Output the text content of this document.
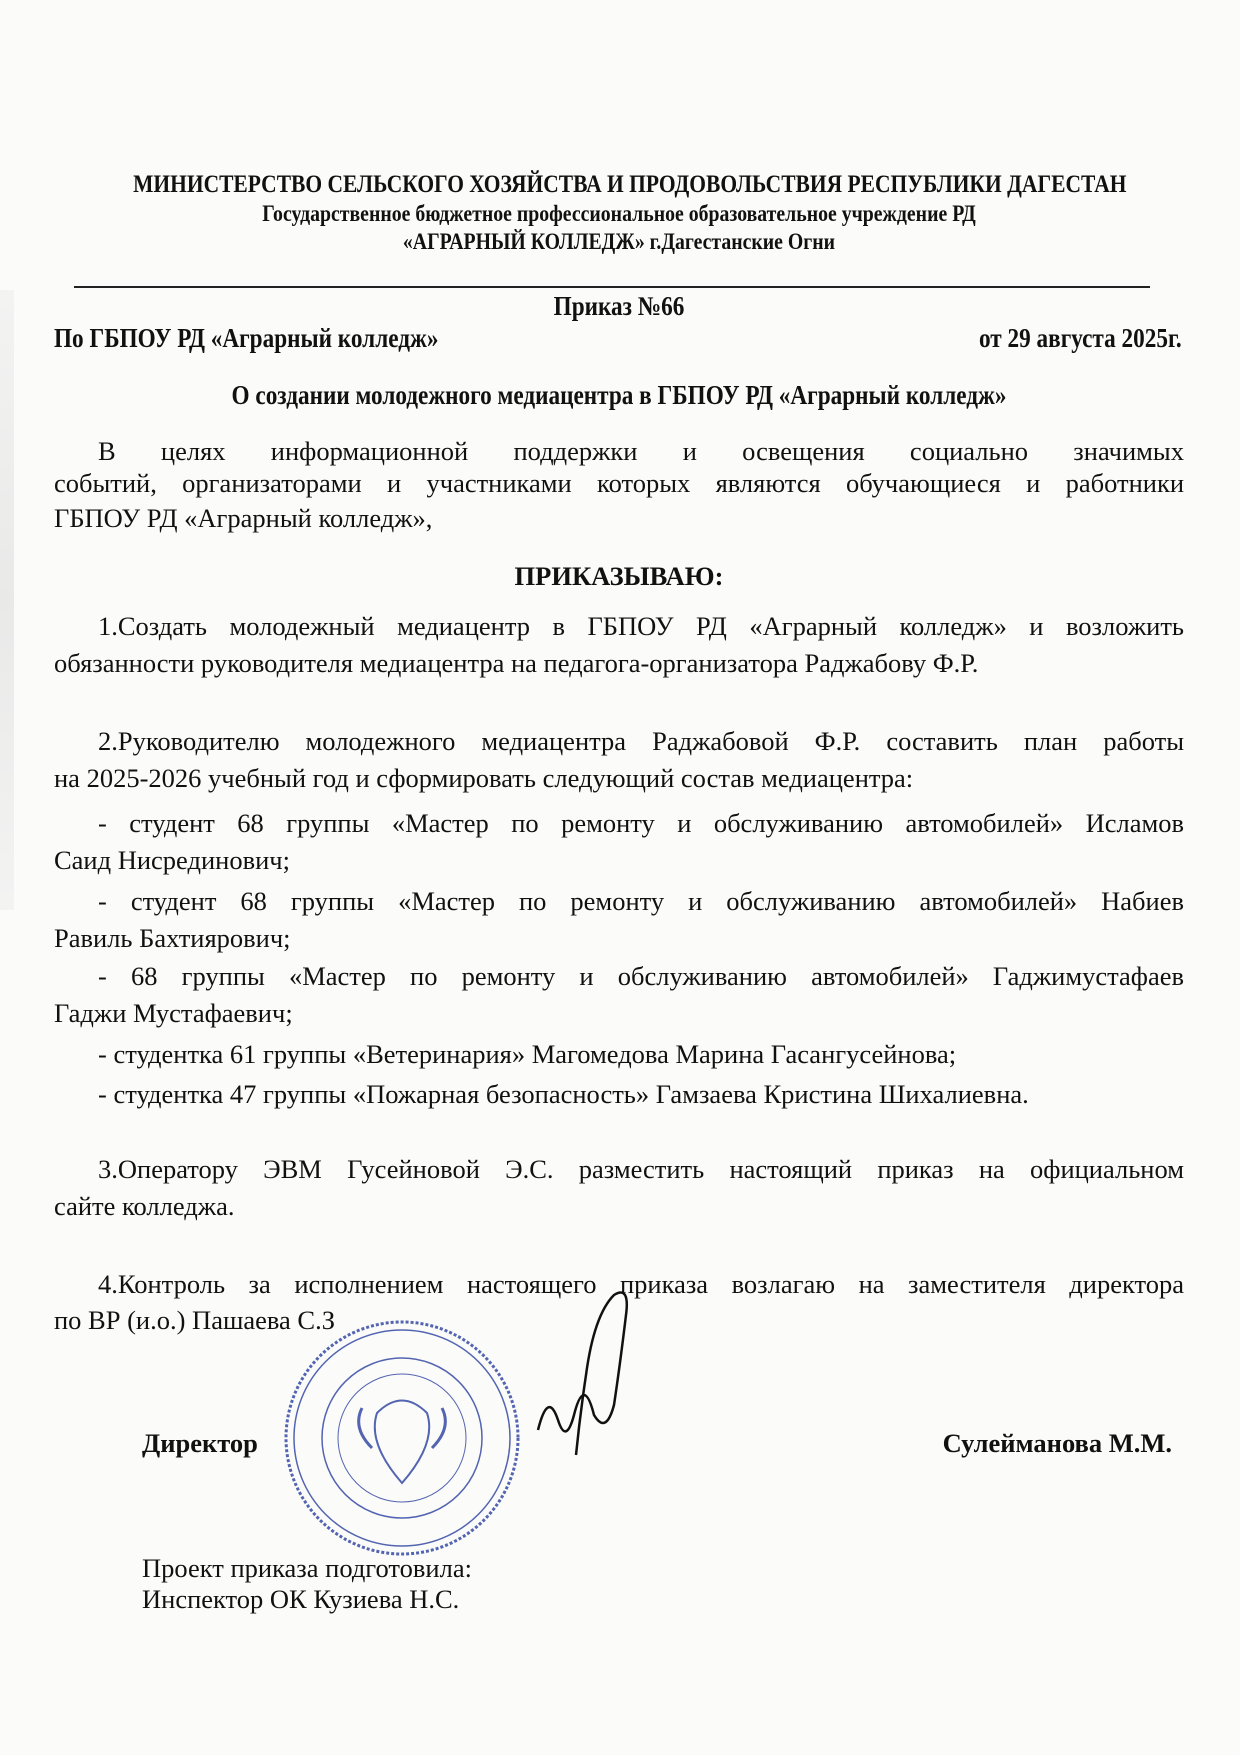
МИНИСТЕРСТВО СЕЛЬСКОГО ХОЗЯЙСТВА И ПРОДОВОЛЬСТВИЯ РЕСПУБЛИКИ ДАГЕСТАН
Государственное бюджетное профессиональное образовательное учреждение РД
«АГРАРНЫЙ КОЛЛЕДЖ» г.Дагестанские Огни
Приказ №66
По ГБПОУ РД «Аграрный колледж»	от 29 августа 2025г.
О создании молодежного медиацентра в ГБПОУ РД «Аграрный колледж»
В целях информационной поддержки и освещения социально значимых
событий, организаторами и участниками которых являются обучающиеся и работники
ГБПОУ РД «Аграрный колледж»,
ПРИКАЗЫВАЮ:
1.Создать молодежный медиацентр в ГБПОУ РД «Аграрный колледж» и возложить
обязанности руководителя медиацентра на педагога-организатора Раджабову Ф.Р.
2.Руководителю молодежного медиацентра Раджабовой Ф.Р. составить план работы
на 2025-2026 учебный год и сформировать следующий состав медиацентра:
- студент 68 группы «Мастер по ремонту и обслуживанию автомобилей» Исламов
Саид Нисрединович;
- студент 68 группы «Мастер по ремонту и обслуживанию автомобилей» Набиев
Равиль Бахтиярович;
- 68 группы «Мастер по ремонту и обслуживанию автомобилей» Гаджимустафаев
Гаджи Мустафаевич;
- студентка 61 группы «Ветеринария» Магомедова Марина Гасангусейнова;
- студентка 47 группы «Пожарная безопасность» Гамзаева Кристина Шихалиевна.
3.Оператору ЭВМ Гусейновой Э.С. разместить настоящий приказ на официальном
сайте колледжа.
4.Контроль за исполнением настоящего приказа возлагаю на заместителя директора
по ВР (и.о.) Пашаева С.З
Директор	Сулейманова М.М.
Проект приказа подготовила:
Инспектор ОК Кузиева Н.С.
